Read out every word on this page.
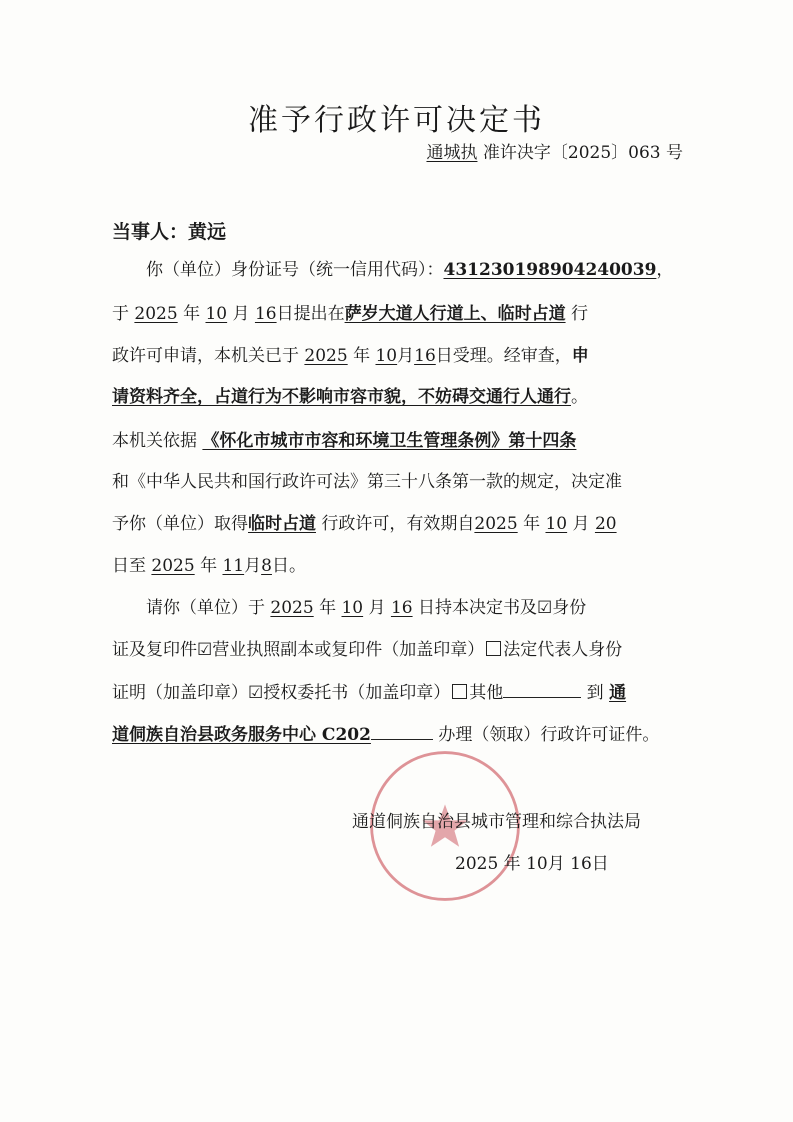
准予行政许可决定书
通城执 准许决字〔2025〕063 号
当事人：黄远
你（单位）身份证号（统一信用代码）：431230198904240039，
于 2025 年 10 月 16日提出在萨岁大道人行道上、临时占道 行
政许可申请，本机关已于 2025 年 10月16日受理。经审查，申
请资料齐全，占道行为不影响市容市貌，不妨碍交通行人通行。
本机关依据 《怀化市城市市容和环境卫生管理条例》第十四条
和《中华人民共和国行政许可法》第三十八条第一款的规定，决定准
予你（单位）取得临时占道 行政许可，有效期自2025 年 10 月 20
日至 2025 年 11月8日。
请你（单位）于 2025 年 10 月 16 日持本决定书及☑身份
证及复印件☑营业执照副本或复印件（加盖印章） 法定代表人身份
证明（加盖印章）☑授权委托书（加盖印章） 其他	到 通
道侗族自治县政务服务中心 C202	办理（领取）行政许可证件。
通道侗族自治县城市管理和综合执法局
2025 年 10月 16日
